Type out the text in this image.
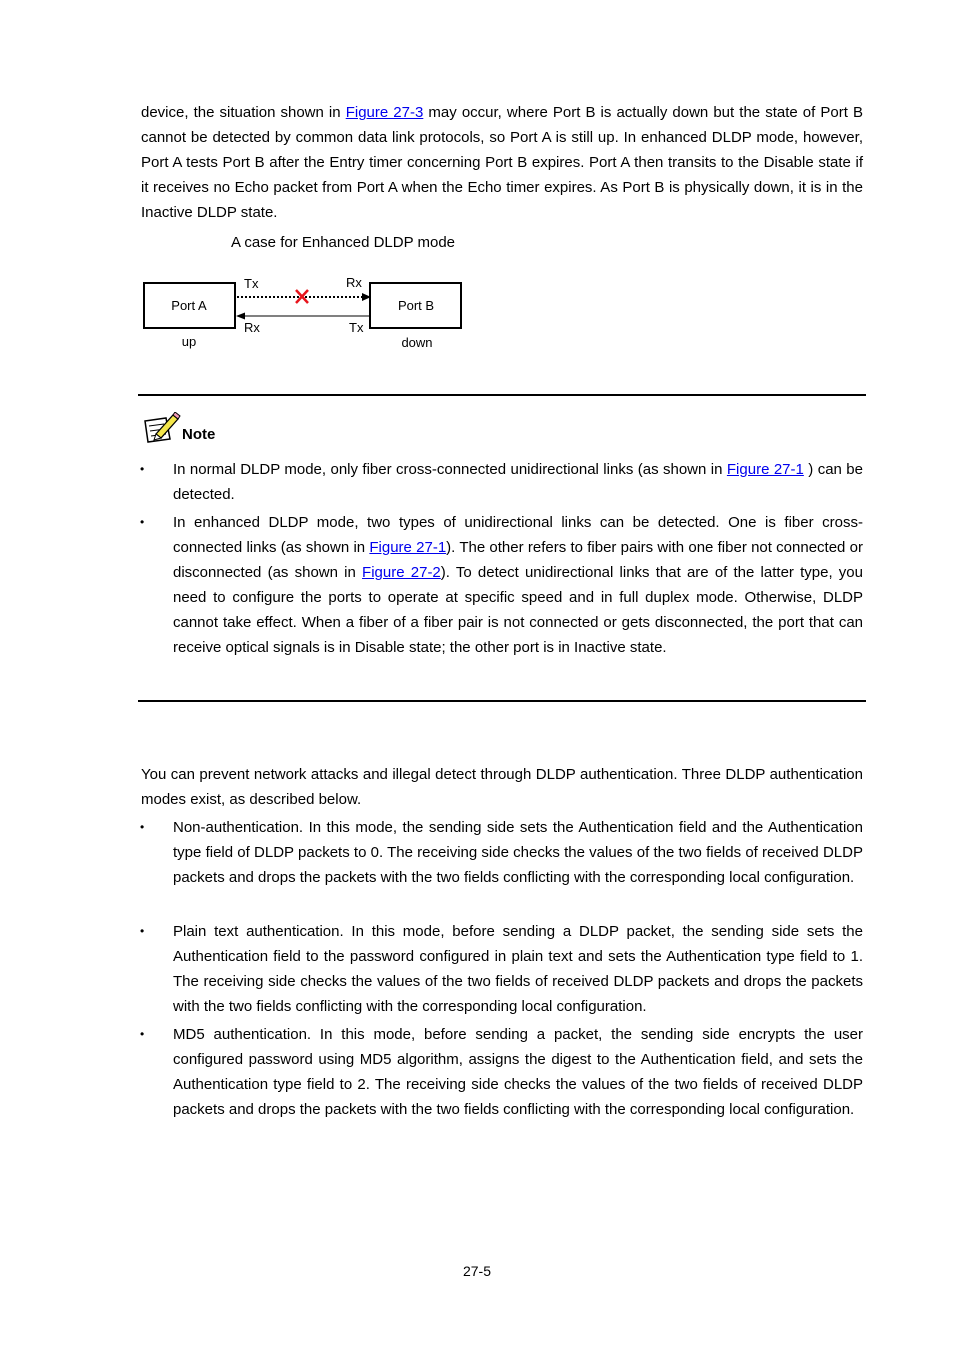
device, the situation shown in Figure 27-3 may occur, where Port B is actually down but the state of Port B cannot be detected by common data link protocols, so Port A is still up. In enhanced DLDP mode, however, Port A tests Port B after the Entry timer concerning Port B expires. Port A then transits to the Disable state if it receives no Echo packet from Port A when the Echo timer expires. As Port B is physically down, it is in the Inactive DLDP state.

A case for Enhanced DLDP mode
Port A	Port B
Tx	Rx
Rx	Tx
up	down
Note
• In normal DLDP mode, only fiber cross-connected unidirectional links (as shown in Figure 27-1 ) can be detected.

• In enhanced DLDP mode, two types of unidirectional links can be detected. One is fiber cross-connected links (as shown in Figure 27-1). The other refers to fiber pairs with one fiber not connected or disconnected (as shown in Figure 27-2). To detect unidirectional links that are of the latter type, you need to configure the ports to operate at specific speed and in full duplex mode. Otherwise, DLDP cannot take effect. When a fiber of a fiber pair is not connected or gets disconnected, the port that can receive optical signals is in Disable state; the other port is in Inactive state.

You can prevent network attacks and illegal detect through DLDP authentication. Three DLDP authentication modes exist, as described below.

• Non-authentication. In this mode, the sending side sets the Authentication field and the Authentication type field of DLDP packets to 0. The receiving side checks the values of the two fields of received DLDP packets and drops the packets with the two fields conflicting with the corresponding local configuration.

• Plain text authentication. In this mode, before sending a DLDP packet, the sending side sets the Authentication field to the password configured in plain text and sets the Authentication type field to 1. The receiving side checks the values of the two fields of received DLDP packets and drops the packets with the two fields conflicting with the corresponding local configuration.

• MD5 authentication. In this mode, before sending a packet, the sending side encrypts the user configured password using MD5 algorithm, assigns the digest to the Authentication field, and sets the Authentication type field to 2. The receiving side checks the values of the two fields of received DLDP packets and drops the packets with the two fields conflicting with the corresponding local configuration.

27-5
